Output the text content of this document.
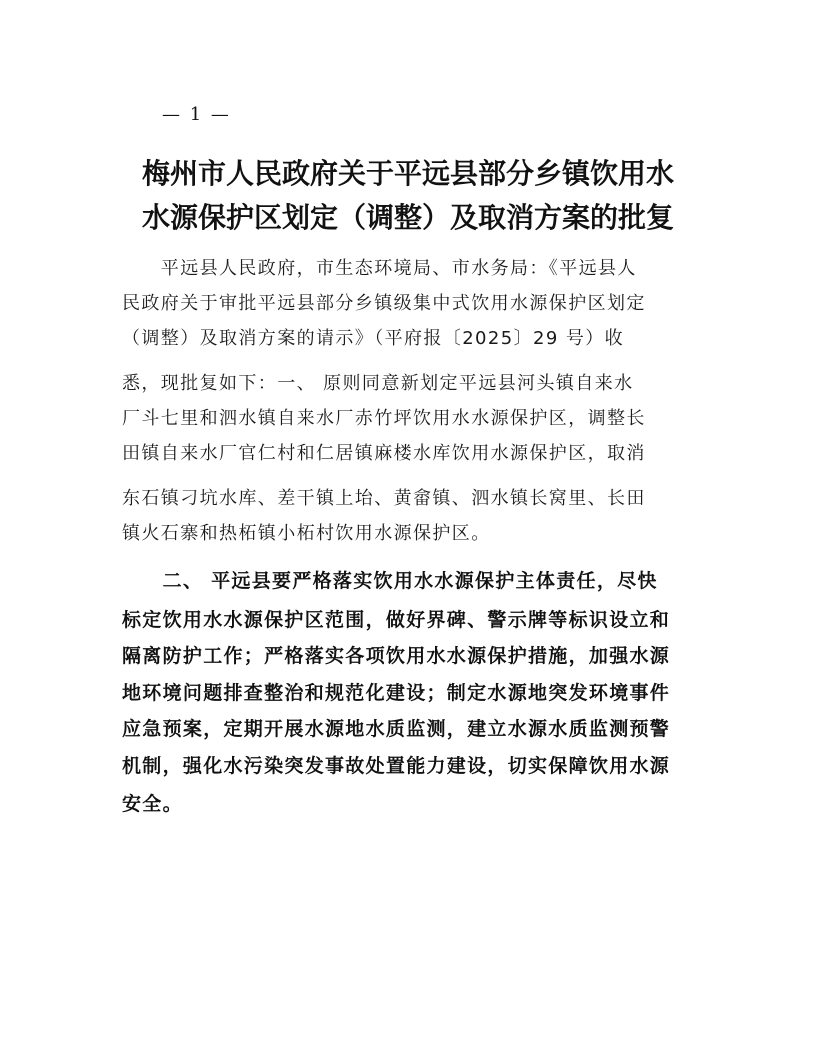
— 1 —
梅州市人民政府关于平远县部分乡镇饮用水
水源保护区划定（调整）及取消方案的批复
　　平远县人民政府，市生态环境局、市水务局：《平远县人
民政府关于审批平远县部分乡镇级集中式饮用水源保护区划定
（调整）及取消方案的请示》（平府报〔2025〕29 号）收
悉，现批复如下：一、 原则同意新划定平远县河头镇自来水
厂斗七里和泗水镇自来水厂赤竹坪饮用水水源保护区，调整长
田镇自来水厂官仁村和仁居镇麻楼水库饮用水源保护区，取消
东石镇刁坑水库、差干镇上坮、黄畲镇、泗水镇长窝里、长田
镇火石寨和热柘镇小柘村饮用水源保护区。
　　二、 平远县要严格落实饮用水水源保护主体责任，尽快
标定饮用水水源保护区范围，做好界碑、警示牌等标识设立和
隔离防护工作；严格落实各项饮用水水源保护措施，加强水源
地环境问题排查整治和规范化建设；制定水源地突发环境事件
应急预案，定期开展水源地水质监测，建立水源水质监测预警
机制，强化水污染突发事故处置能力建设，切实保障饮用水源
安全。
